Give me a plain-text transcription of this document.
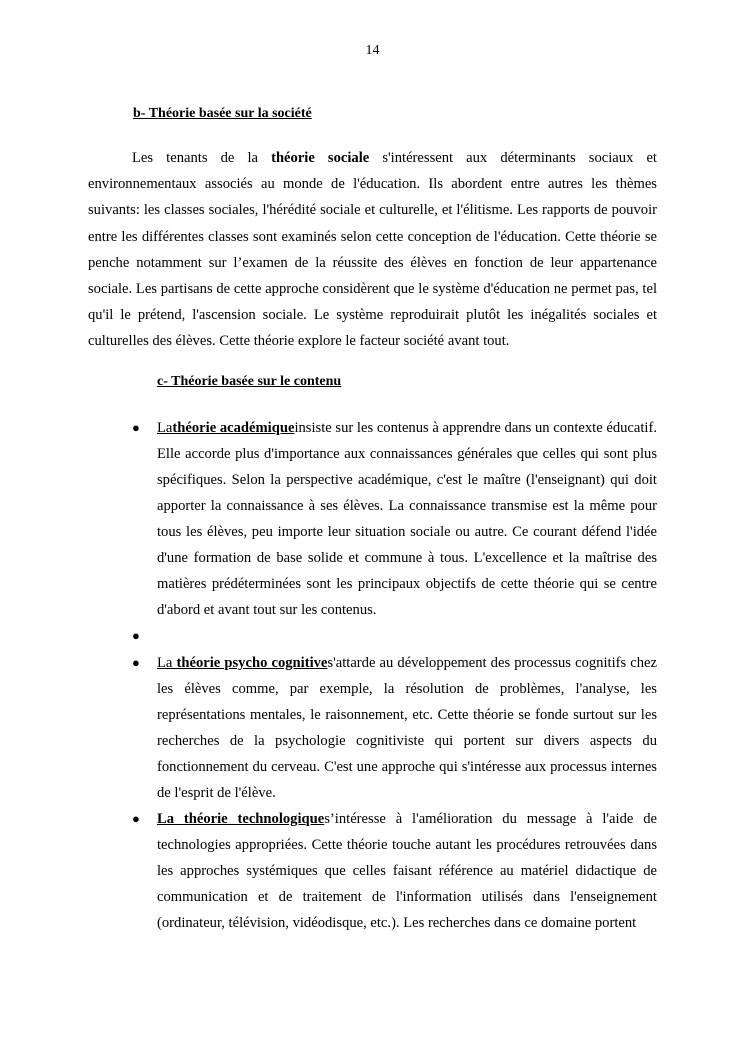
14
b- Théorie basée sur la société

Les tenants de la théorie sociale s'intéressent aux déterminants sociaux et environnementaux associés au monde de l'éducation. Ils abordent entre autres les thèmes suivants: les classes sociales, l'hérédité sociale et culturelle, et l'élitisme. Les rapports de pouvoir entre les différentes classes sont examinés selon cette conception de l'éducation. Cette théorie se penche notamment sur l’examen de la réussite des élèves en fonction de leur appartenance sociale. Les partisans de cette approche considèrent que le système d'éducation ne permet pas, tel qu'il le prétend, l'ascension sociale. Le système reproduirait plutôt les inégalités sociales et culturelles des élèves. Cette théorie explore le facteur société avant tout.

c- Théorie basée sur le contenu
● Lathéorie académiqueinsiste sur les contenus à apprendre dans un contexte éducatif. Elle accorde plus d'importance aux connaissances générales que celles qui sont plus spécifiques. Selon la perspective académique, c'est le maître (l'enseignant) qui doit apporter la connaissance à ses élèves. La connaissance transmise est la même pour tous les élèves, peu importe leur situation sociale ou autre. Ce courant défend l'idée d'une formation de base solide et commune à tous. L'excellence et la maîtrise des matières prédéterminées sont les principaux objectifs de cette théorie qui se centre d'abord et avant tout sur les contenus.
●
● La théorie psycho cognitives'attarde au développement des processus cognitifs chez les élèves comme, par exemple, la résolution de problèmes, l'analyse, les représentations mentales, le raisonnement, etc. Cette théorie se fonde surtout sur les recherches de la psychologie cognitiviste qui portent sur divers aspects du fonctionnement du cerveau. C'est une approche qui s'intéresse aux processus internes de l'esprit de l'élève.
● La théorie technologiques’intéresse à l'amélioration du message à l'aide de technologies appropriées. Cette théorie touche autant les procédures retrouvées dans les approches systémiques que celles faisant référence au matériel didactique de communication et de traitement de l'information utilisés dans l'enseignement (ordinateur, télévision, vidéodisque, etc.). Les recherches dans ce domaine portent
